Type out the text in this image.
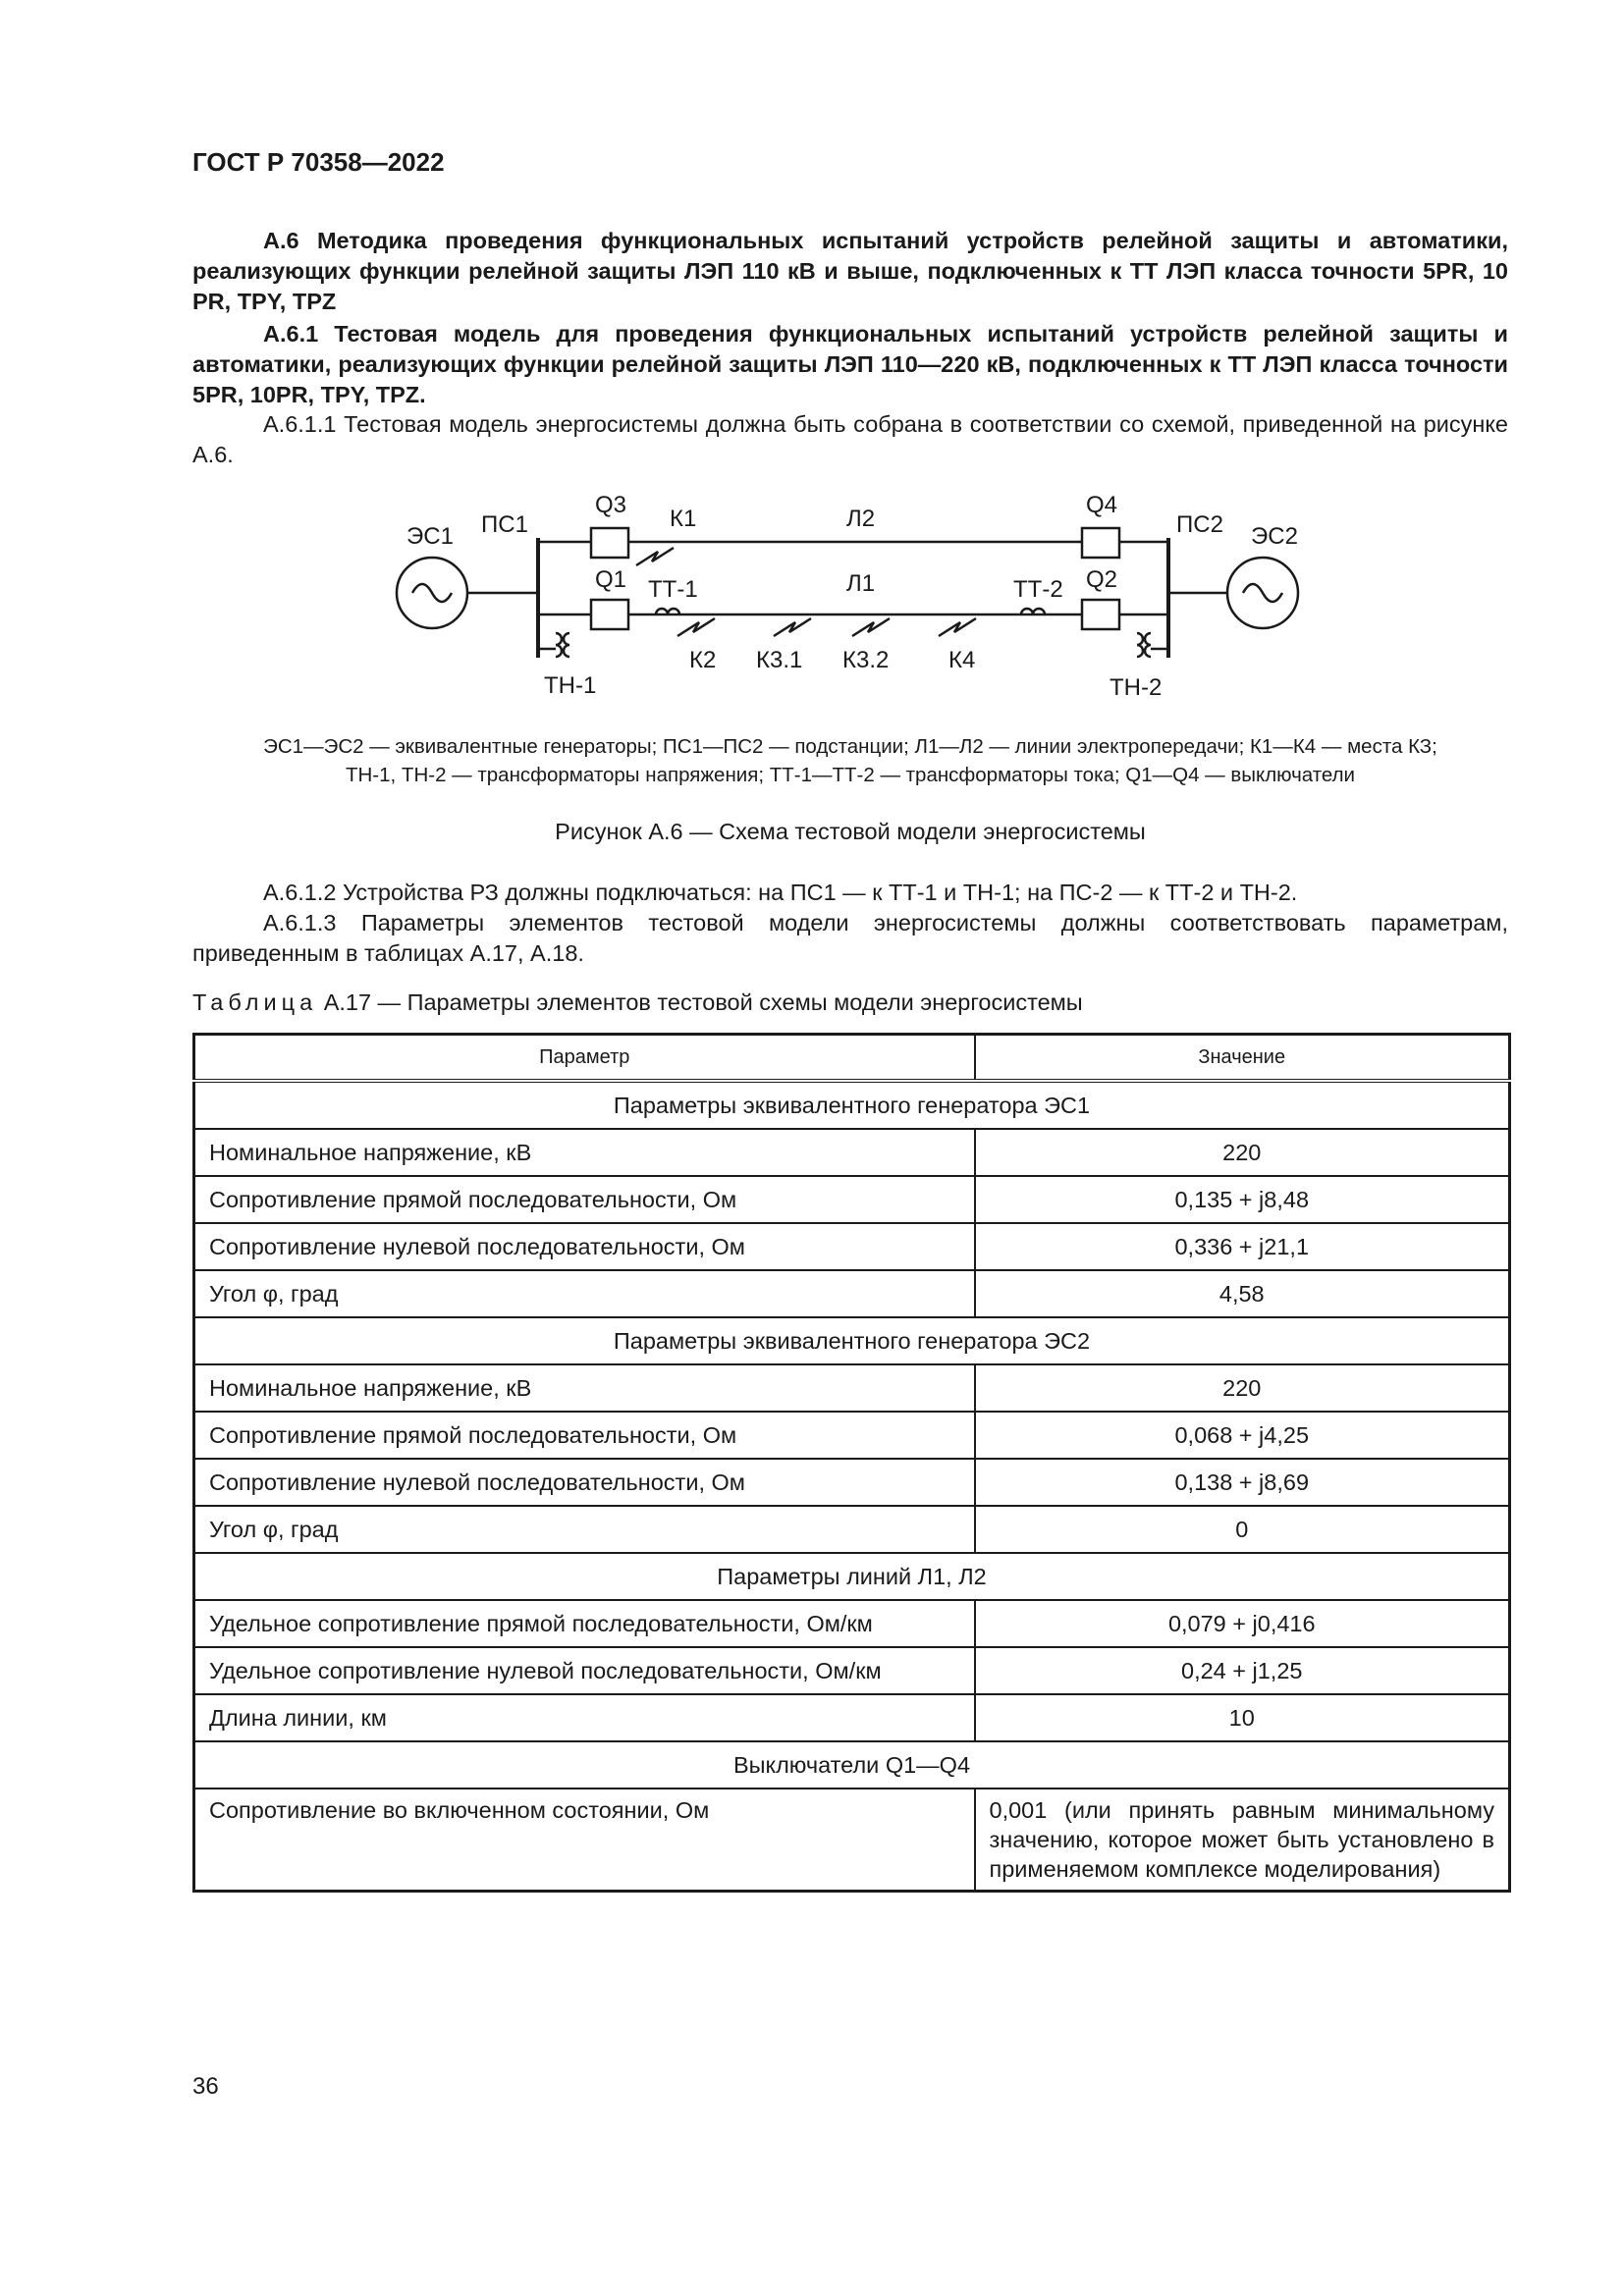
ГОСТ Р 70358—2022
А.6 Методика проведения функциональных испытаний устройств релейной защиты и автоматики, реализующих функции релейной защиты ЛЭП 110 кВ и выше, подключенных к ТТ ЛЭП класса точности 5PR, 10 PR, TPY, TPZ
А.6.1 Тестовая модель для проведения функциональных испытаний устройств релейной защиты и автоматики, реализующих функции релейной защиты ЛЭП 110—220 кВ, подключенных к ТТ ЛЭП класса точности 5PR, 10PR, TPY, TPZ.
А.6.1.1 Тестовая модель энергосистемы должна быть собрана в соответствии со схемой, приведенной на рисунке А.6.
ЭС1 ПС1
Q3
К1	Л2
Q4
ПС2 ЭС2
Q1 ТТ-1	Л1	ТТ-2 Q2
К2 К3.1 К3.2	К4
ТН-1	ТН-2
ЭС1—ЭС2 — эквивалентные генераторы; ПС1—ПС2 — подстанции; Л1—Л2 — линии электропередачи; К1—К4 — места КЗ;
ТН-1, ТН-2 — трансформаторы напряжения; ТТ-1—ТТ-2 — трансформаторы тока; Q1—Q4 — выключатели
Рисунок А.6 — Схема тестовой модели энергосистемы
А.6.1.2 Устройства РЗ должны подключаться: на ПС1 — к ТТ-1 и ТН-1; на ПС-2 — к ТТ-2 и ТН-2.
А.6.1.3 Параметры элементов тестовой модели энергосистемы должны соответствовать параметрам, приведенным в таблицах А.17, А.18.
Таблица А.17 — Параметры элементов тестовой схемы модели энергосистемы
Параметр	Значение
Параметры эквивалентного генератора ЭС1	
Номинальное напряжение, кВ	220
Сопротивление прямой последовательности, Ом	0,135 + j8,48
Сопротивление нулевой последовательности, Ом	0,336 + j21,1
Угол φ, град	4,58
Параметры эквивалентного генератора ЭС2	
Номинальное напряжение, кВ	220
Сопротивление прямой последовательности, Ом	0,068 + j4,25
Сопротивление нулевой последовательности, Ом	0,138 + j8,69
Угол φ, град	0
Параметры линий Л1, Л2	
Удельное сопротивление прямой последовательности, Ом/км	0,079 + j0,416
Удельное сопротивление нулевой последовательности, Ом/км	0,24 + j1,25
Длина линии, км	10
Выключатели Q1—Q4	
Сопротивление во включенном состоянии, Ом	0,001 (или принять равным минимальному значению, которое может быть установлено в применяемом комплексе моделирования)
36
